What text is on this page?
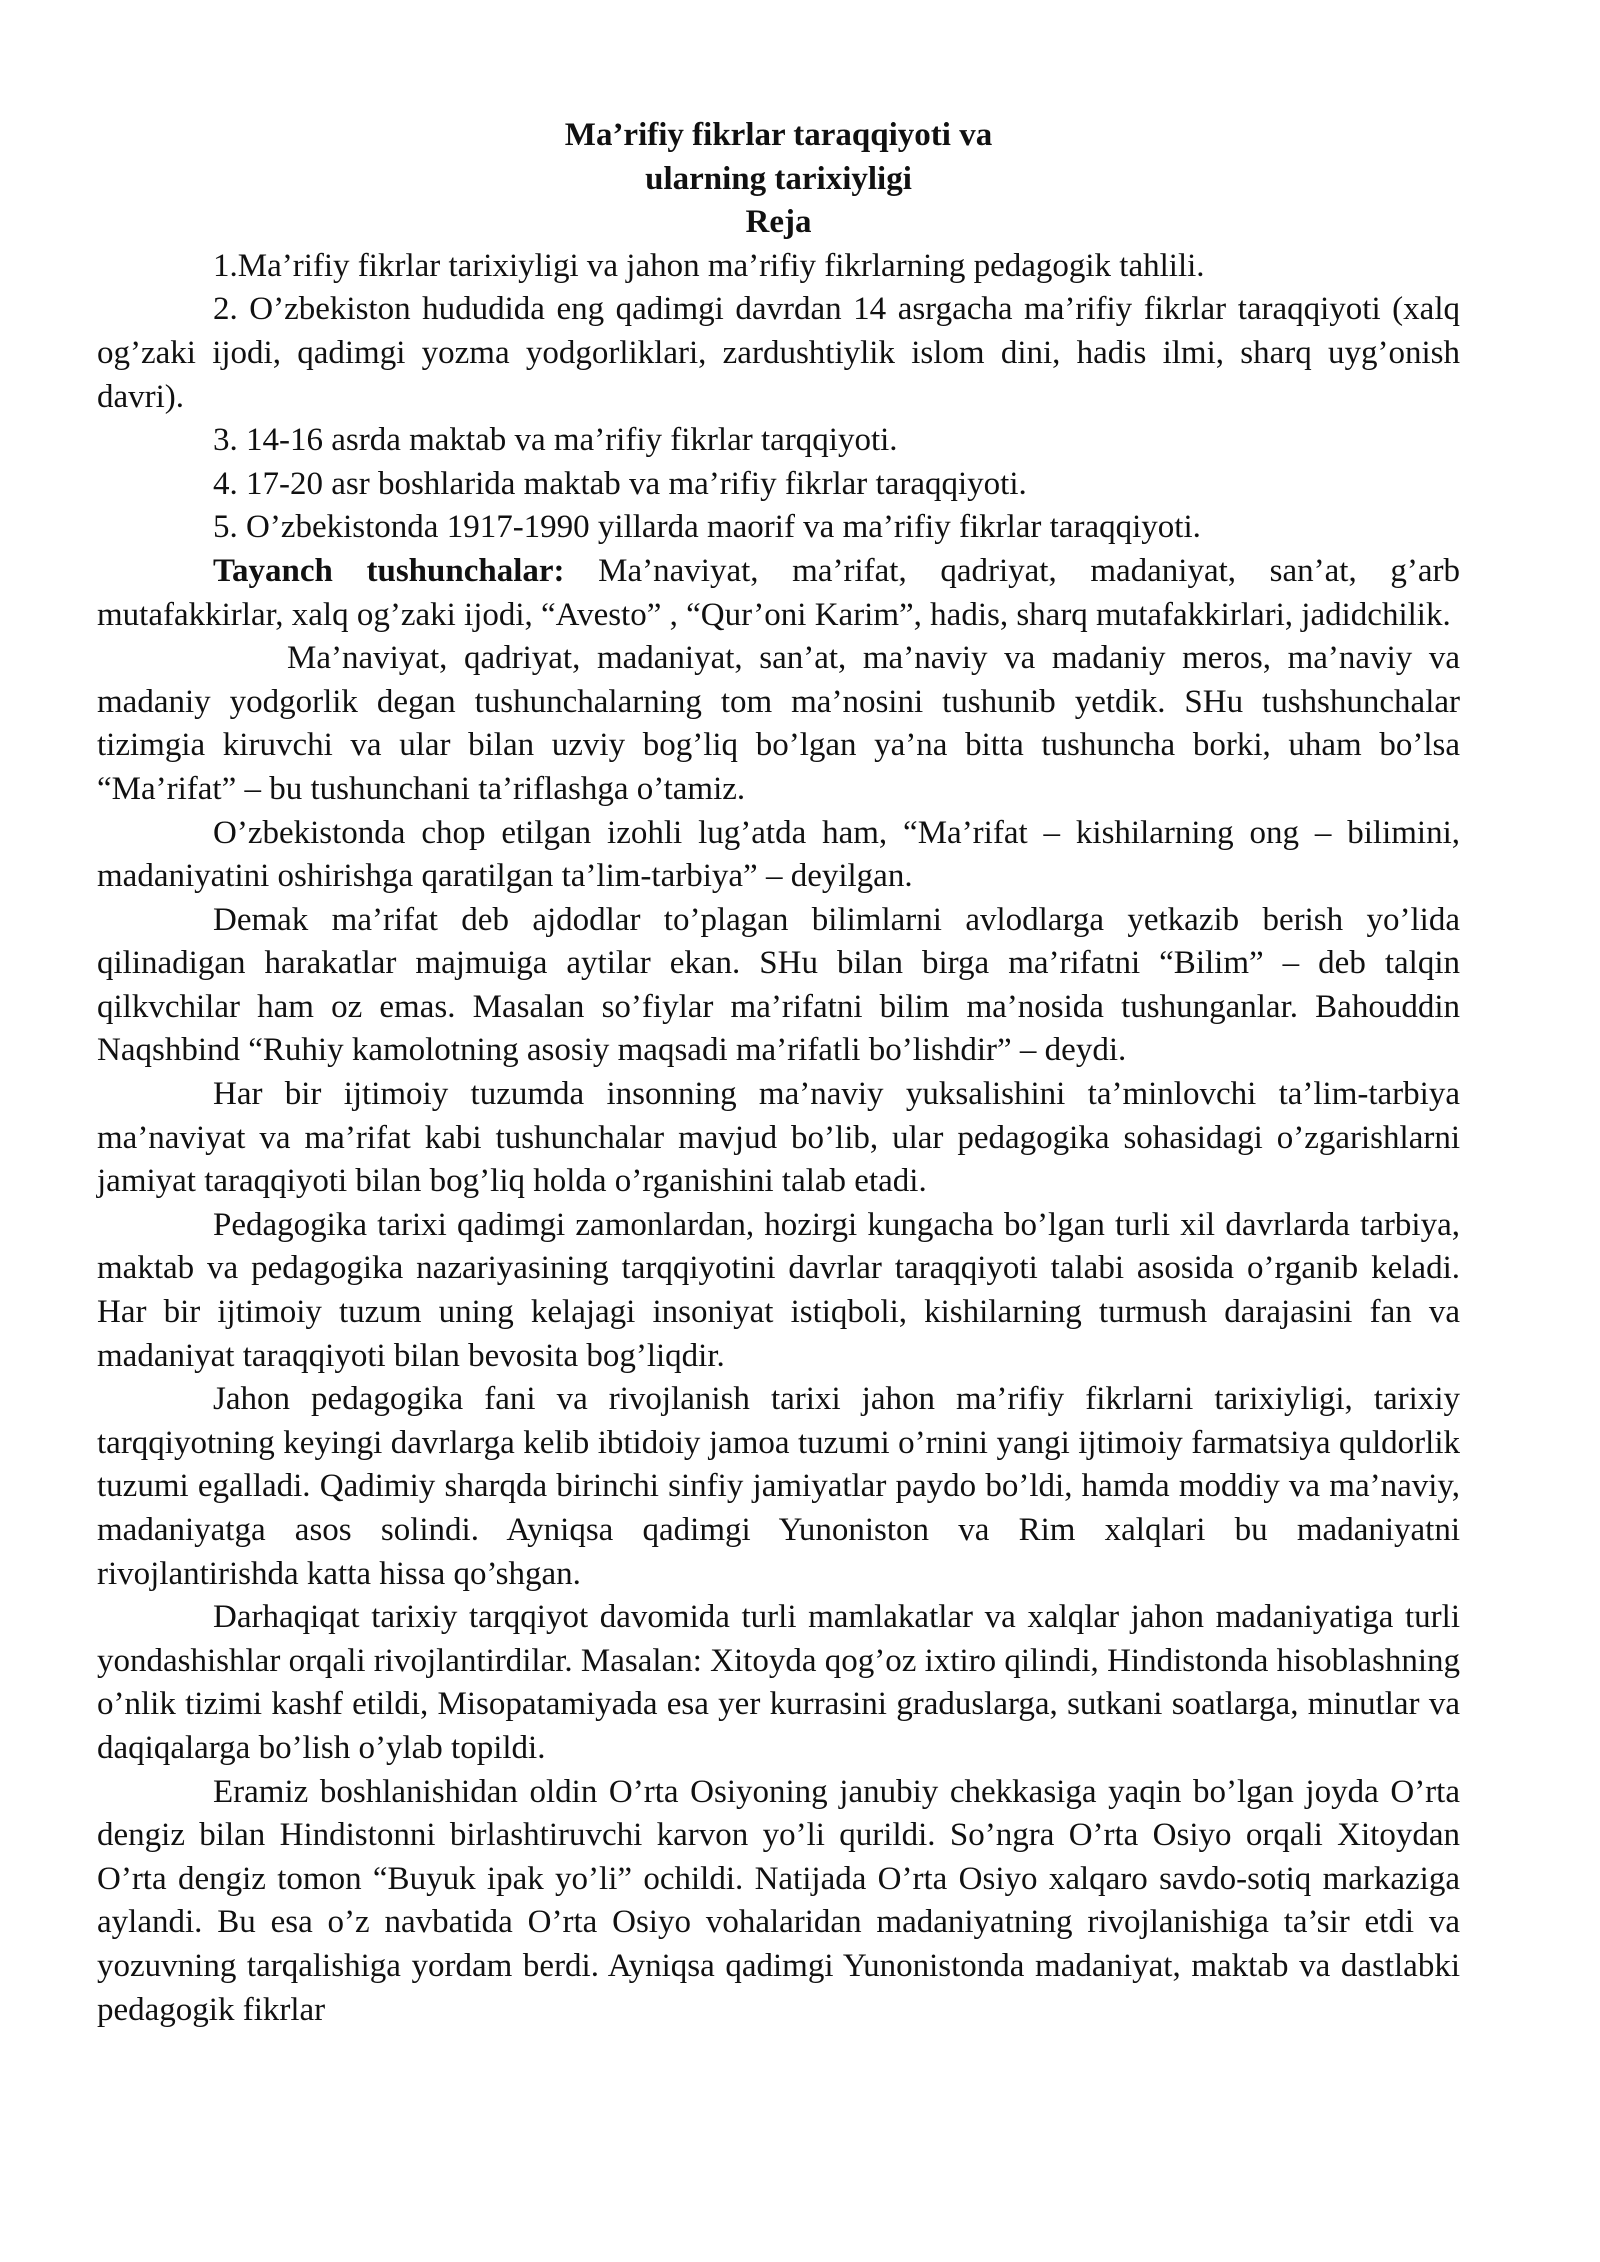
Ma’rifiy fikrlar taraqqiyoti va
ularning tarixiyligi
Reja

1.Ma’rifiy fikrlar tarixiyligi va jahon ma’rifiy fikrlarning pedagogik tahlili.

2. O’zbekiston hududida eng qadimgi davrdan 14 asrgacha ma’rifiy fikrlar taraqqiyoti (xalq og’zaki ijodi, qadimgi yozma yodgorliklari, zardushtiylik islom dini, hadis ilmi, sharq uyg’onish davri).

3. 14-16 asrda maktab va ma’rifiy fikrlar tarqqiyoti.

4. 17-20 asr boshlarida maktab va ma’rifiy fikrlar taraqqiyoti.

5. O’zbekistonda 1917-1990 yillarda maorif va ma’rifiy fikrlar taraqqiyoti.

Tayanch tushunchalar: Ma’naviyat, ma’rifat, qadriyat, madaniyat, san’at, g’arb mutafakkirlar, xalq og’zaki ijodi, “Avesto” , “Qur’oni Karim”, hadis, sharq mutafakkirlari, jadidchilik.

Ma’naviyat, qadriyat, madaniyat, san’at, ma’naviy va madaniy meros, ma’naviy va madaniy yodgorlik degan tushunchalarning tom ma’nosini tushunib yetdik. SHu tushshunchalar tizimgia kiruvchi va ular bilan uzviy bog’liq bo’lgan ya’na bitta tushuncha borki, uham bo’lsa “Ma’rifat” – bu tushunchani ta’riflashga o’tamiz.

O’zbekistonda chop etilgan izohli lug’atda ham, “Ma’rifat – kishilarning ong – bilimini, madaniyatini oshirishga qaratilgan ta’lim-tarbiya” – deyilgan.

Demak ma’rifat deb ajdodlar to’plagan bilimlarni avlodlarga yetkazib berish yo’lida qilinadigan harakatlar majmuiga aytilar ekan. SHu bilan birga ma’rifatni “Bilim” – deb talqin qilkvchilar ham oz emas. Masalan so’fiylar ma’rifatni bilim ma’nosida tushunganlar. Bahouddin Naqshbind “Ruhiy kamolotning asosiy maqsadi ma’rifatli bo’lishdir” – deydi.

Har bir ijtimoiy tuzumda insonning ma’naviy yuksalishini ta’minlovchi ta’lim-tarbiya ma’naviyat va ma’rifat kabi tushunchalar mavjud bo’lib, ular pedagogika sohasidagi o’zgarishlarni jamiyat taraqqiyoti bilan bog’liq holda o’rganishini talab etadi.

Pedagogika tarixi qadimgi zamonlardan, hozirgi kungacha bo’lgan turli xil davrlarda tarbiya, maktab va pedagogika nazariyasining tarqqiyotini davrlar taraqqiyoti talabi asosida o’rganib keladi. Har bir ijtimoiy tuzum uning kelajagi insoniyat istiqboli, kishilarning turmush darajasini fan va madaniyat taraqqiyoti bilan bevosita bog’liqdir.

Jahon pedagogika fani va rivojlanish tarixi jahon ma’rifiy fikrlarni tarixiyligi, tarixiy tarqqiyotning keyingi davrlarga kelib ibtidoiy jamoa tuzumi o’rnini yangi ijtimoiy farmatsiya quldorlik tuzumi egalladi. Qadimiy sharqda birinchi sinfiy jamiyatlar paydo bo’ldi, hamda moddiy va ma’naviy, madaniyatga asos solindi. Ayniqsa qadimgi Yunoniston va Rim xalqlari bu madaniyatni rivojlantirishda katta hissa qo’shgan.

Darhaqiqat tarixiy tarqqiyot davomida turli mamlakatlar va xalqlar jahon madaniyatiga turli yondashishlar orqali rivojlantirdilar. Masalan: Xitoyda qog’oz ixtiro qilindi, Hindistonda hisoblashning o’nlik tizimi kashf etildi, Misopatamiyada esa yer kurrasini graduslarga, sutkani soatlarga, minutlar va daqiqalarga bo’lish o’ylab topildi.

Eramiz boshlanishidan oldin O’rta Osiyoning janubiy chekkasiga yaqin bo’lgan joyda O’rta dengiz bilan Hindistonni birlashtiruvchi karvon yo’li qurildi. So’ngra O’rta Osiyo orqali Xitoydan O’rta dengiz tomon “Buyuk ipak yo’li” ochildi. Natijada O’rta Osiyo xalqaro savdo-sotiq markaziga aylandi. Bu esa o’z navbatida O’rta Osiyo vohalaridan madaniyatning rivojlanishiga ta’sir etdi va yozuvning tarqalishiga yordam berdi. Ayniqsa qadimgi Yunonistonda madaniyat, maktab va dastlabki pedagogik fikrlar
